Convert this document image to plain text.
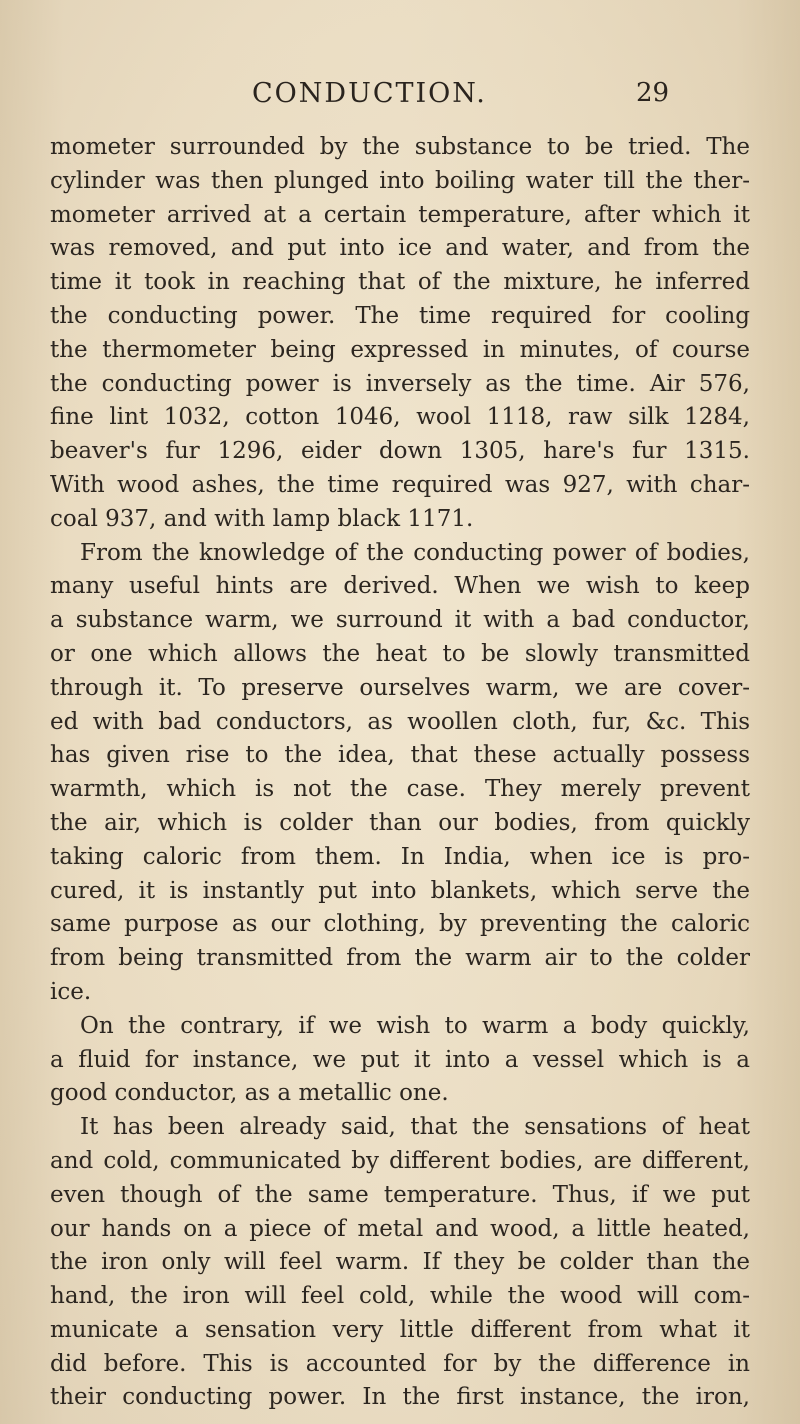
CONDUCTION.	29
mometer surrounded by the substance to be tried. The
cylinder was then plunged into boiling water till the ther-
mometer arrived at a certain temperature, after which it
was removed, and put into ice and water, and from the
time it took in reaching that of the mixture, he inferred
the conducting power. The time required for cooling
the thermometer being expressed in minutes, of course
the conducting power is inversely as the time. Air 576,
fine lint 1032, cotton 1046, wool 1118, raw silk 1284,
beaver's fur 1296, eider down 1305, hare's fur 1315.
With wood ashes, the time required was 927, with char-
coal 937, and with lamp black 1171.
From the knowledge of the conducting power of bodies,
many useful hints are derived. When we wish to keep
a substance warm, we surround it with a bad conductor,
or one which allows the heat to be slowly transmitted
through it. To preserve ourselves warm, we are cover-
ed with bad conductors, as woollen cloth, fur, &c. This
has given rise to the idea, that these actually possess
warmth, which is not the case. They merely prevent
the air, which is colder than our bodies, from quickly
taking caloric from them. In India, when ice is pro-
cured, it is instantly put into blankets, which serve the
same purpose as our clothing, by preventing the caloric
from being transmitted from the warm air to the colder
ice.
On the contrary, if we wish to warm a body quickly,
a fluid for instance, we put it into a vessel which is a
good conductor, as a metallic one.
It has been already said, that the sensations of heat
and cold, communicated by different bodies, are different,
even though of the same temperature. Thus, if we put
our hands on a piece of metal and wood, a little heated,
the iron only will feel warm. If they be colder than the
hand, the iron will feel cold, while the wood will com-
municate a sensation very little different from what it
did before. This is accounted for by the difference in
their conducting power. In the first instance, the iron,
